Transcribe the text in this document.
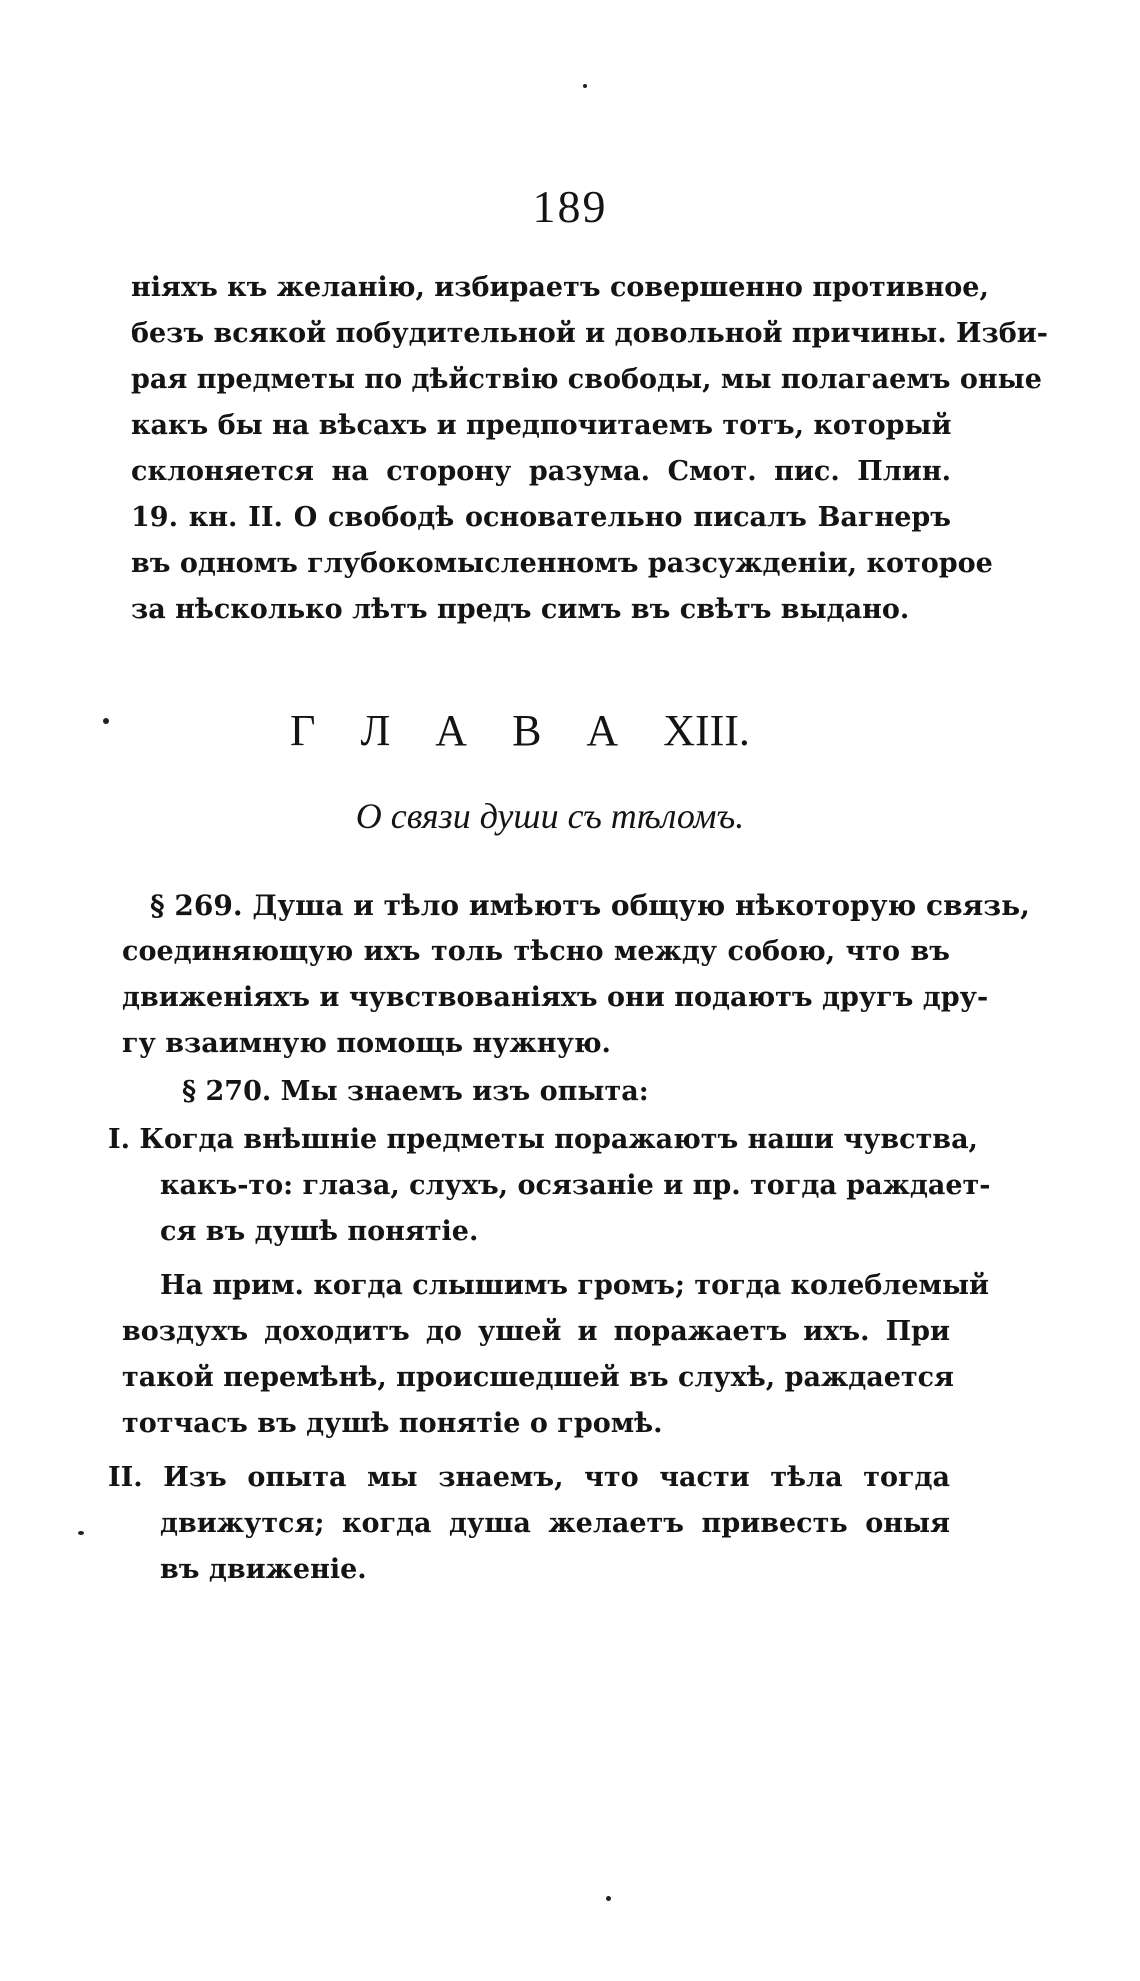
189
ніяхъ къ желанію, избираетъ совершенно противное,
безъ всякой побудительной и довольной причины. Изби-
рая предметы по дѣйствію свободы, мы полагаемъ оные
какъ бы на вѣсахъ и предпочитаемъ тотъ, который
склоняется на сторону разума. Смот. пис. Плин.
19. кн. II. О свободѣ основательно писалъ Вагнеръ
въ одномъ глубокомысленномъ разсужденіи, которое
за нѣсколько лѣтъ предъ симъ въ свѣтъ выдано.
Г Л А В А XIII.
О связи души съ тѣломъ.
§ 269. Душа и тѣло имѣютъ общую нѣкоторую связь,
соединяющую ихъ толь тѣсно между собою, что въ
движеніяхъ и чувствованіяхъ они подаютъ другъ дру-
гу взаимную помощь нужную.
§ 270. Мы знаемъ изъ опыта:
I. Когда внѣшніе предметы поражаютъ наши чувства,
какъ-то: глаза, слухъ, осязаніе и пр. тогда раждает-
ся въ душѣ понятіе.
На прим. когда слышимъ громъ; тогда колеблемый
воздухъ доходитъ до ушей и поражаетъ ихъ. При
такой перемѣнѣ, происшедшей въ слухѣ, раждается
тотчасъ въ душѣ понятіе о громѣ.
II. Изъ опыта мы знаемъ, что части тѣла тогда
движутся; когда душа желаетъ привесть оныя
въ движеніе.
